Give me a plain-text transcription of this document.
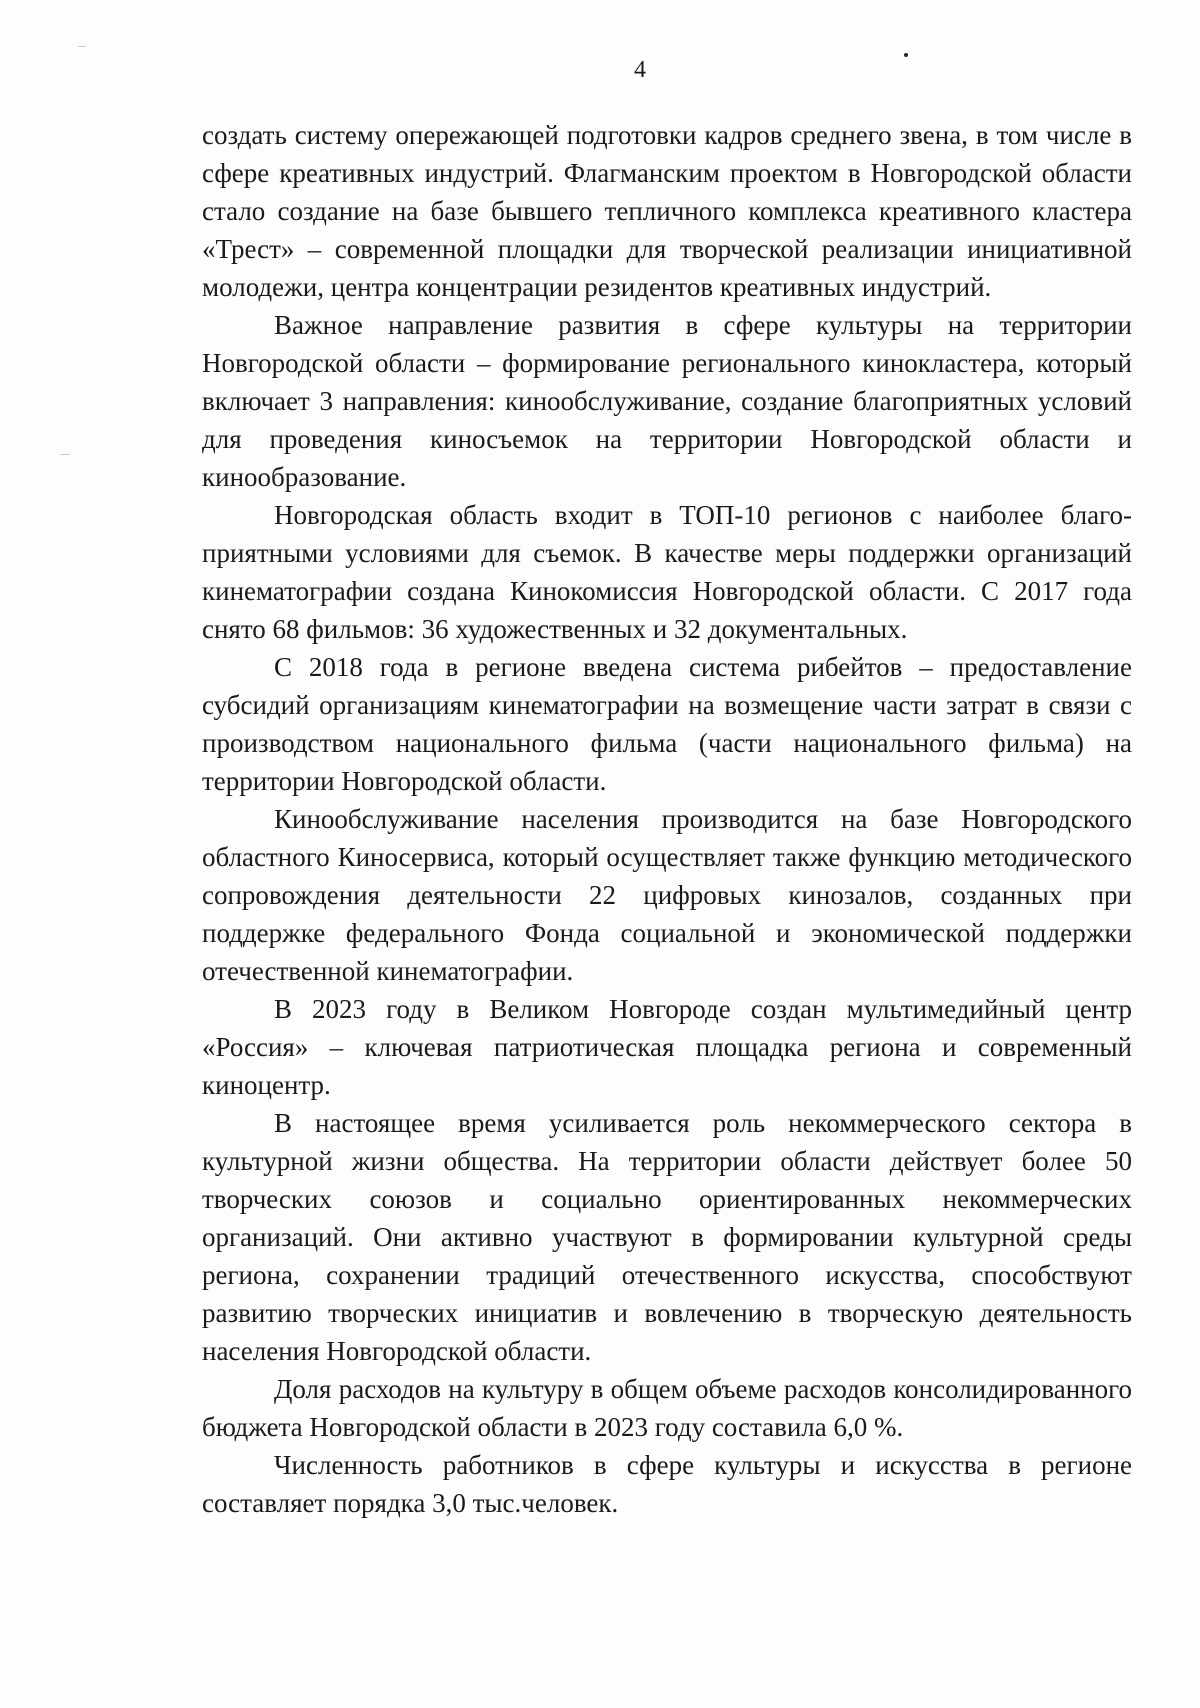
4

создать систему опережающей подготовки кадров среднего звена, в том числе в сфере креативных индустрий. Флагманским проектом в Новгородской области стало создание на базе бывшего тепличного комплекса креативного кластера «Трест» – современной площадки для творческой реализации инициативной молодежи, центра концентрации резидентов креативных индустрий.

Важное направление развития в сфере культуры на территории Новгородской области – формирование регионального кинокластера, который включает 3 направления: кинообслуживание, создание благоприятных условий для проведения киносъемок на территории Новгородской области и кинообразование.

Новгородская область входит в ТОП-10 регионов с наиболее благоприятными условиями для съемок. В качестве меры поддержки организаций кинематографии создана Кинокомиссия Новгородской области. С 2017 года снято 68 фильмов: 36 художественных и 32 документальных.

С 2018 года в регионе введена система рибейтов – предоставление субсидий организациям кинематографии на возмещение части затрат в связи с производством национального фильма (части национального фильма) на территории Новгородской области.

Кинообслуживание населения производится на базе Новгородского областного Киносервиса, который осуществляет также функцию методического сопровождения деятельности 22 цифровых кинозалов, созданных при поддержке федерального Фонда социальной и экономической поддержки отечественной кинематографии.

В 2023 году в Великом Новгороде создан мультимедийный центр «Россия» – ключевая патриотическая площадка региона и современный киноцентр.

В настоящее время усиливается роль некоммерческого сектора в культурной жизни общества. На территории области действует более 50 творческих союзов и социально ориентированных некоммерческих организаций. Они активно участвуют в формировании культурной среды региона, сохранении традиций отечественного искусства, способствуют развитию творческих инициатив и вовлечению в творческую деятельность населения Новгородской области.

Доля расходов на культуру в общем объеме расходов консолидированного бюджета Новгородской области в 2023 году составила 6,0 %.

Численность работников в сфере культуры и искусства в регионе составляет порядка 3,0 тыс.человек.
